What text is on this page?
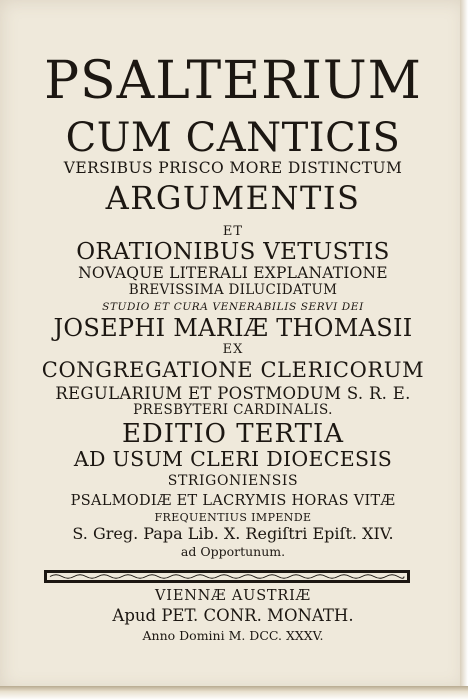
PSALTERIUM
CUM CANTICIS
VERSIBUS PRISCO MORE DISTINCTUM
ARGUMENTIS
ET
ORATIONIBUS VETUSTIS
NOVAQUE LITERALI EXPLANATIONE
BREVISSIMA DILUCIDATUM
STUDIO ET CURA VENERABILIS SERVI DEI
JOSEPHI MARIÆ THOMASII
EX
CONGREGATIONE CLERICORUM
REGULARIUM ET POSTMODUM S. R. E.
PRESBYTERI CARDINALIS.
EDITIO TERTIA
AD USUM CLERI DIOECESIS
STRIGONIENSIS
PSALMODIÆ ET LACRYMIS HORAS VITÆ
FREQUENTIUS IMPENDE
S. Greg. Papa Lib. X. Regiſtri Epiſt. XIV.
ad Opportunum.
VIENNÆ AUSTRIÆ
Apud PET. CONR. MONATH.
Anno Domini M. DCC. XXXV.
